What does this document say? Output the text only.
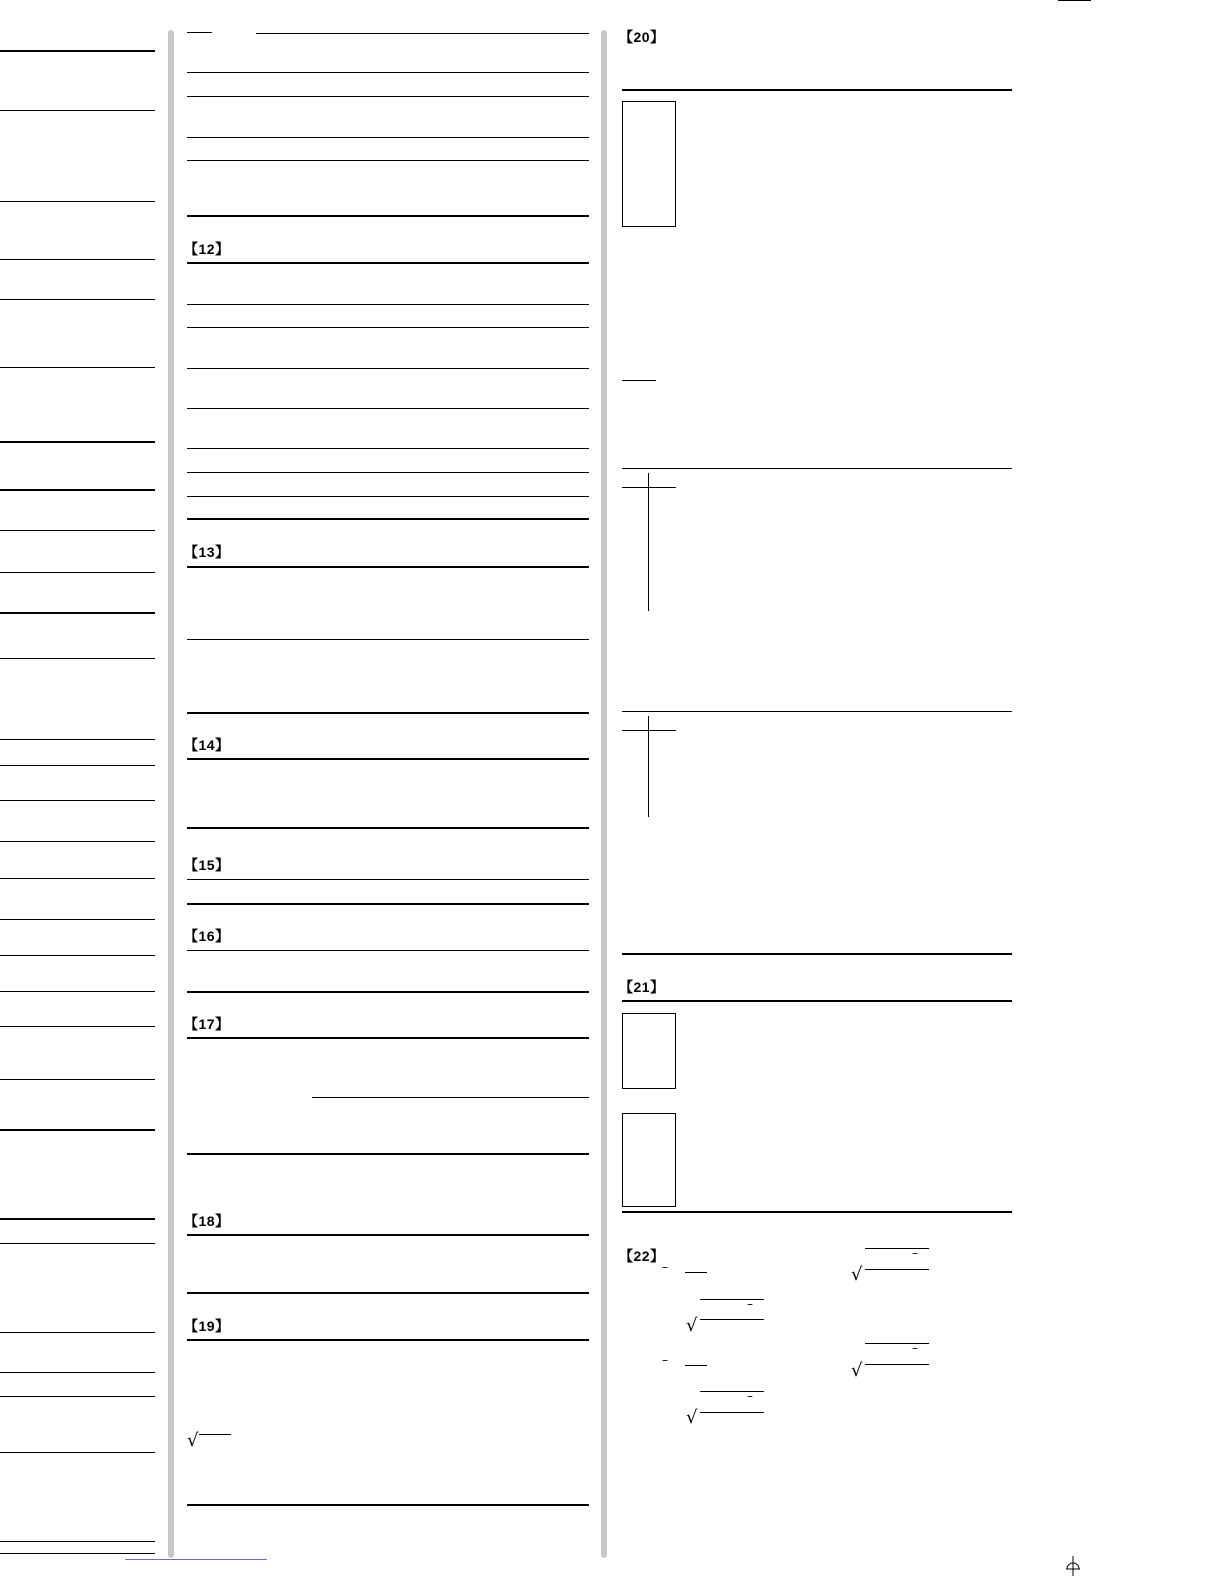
【12】
【13】
【14】
【15】
【16】
【17】
【18】
【19】
√
【20】
【21】
【22】
–	√
–
√
–
–	√
–
√
–
